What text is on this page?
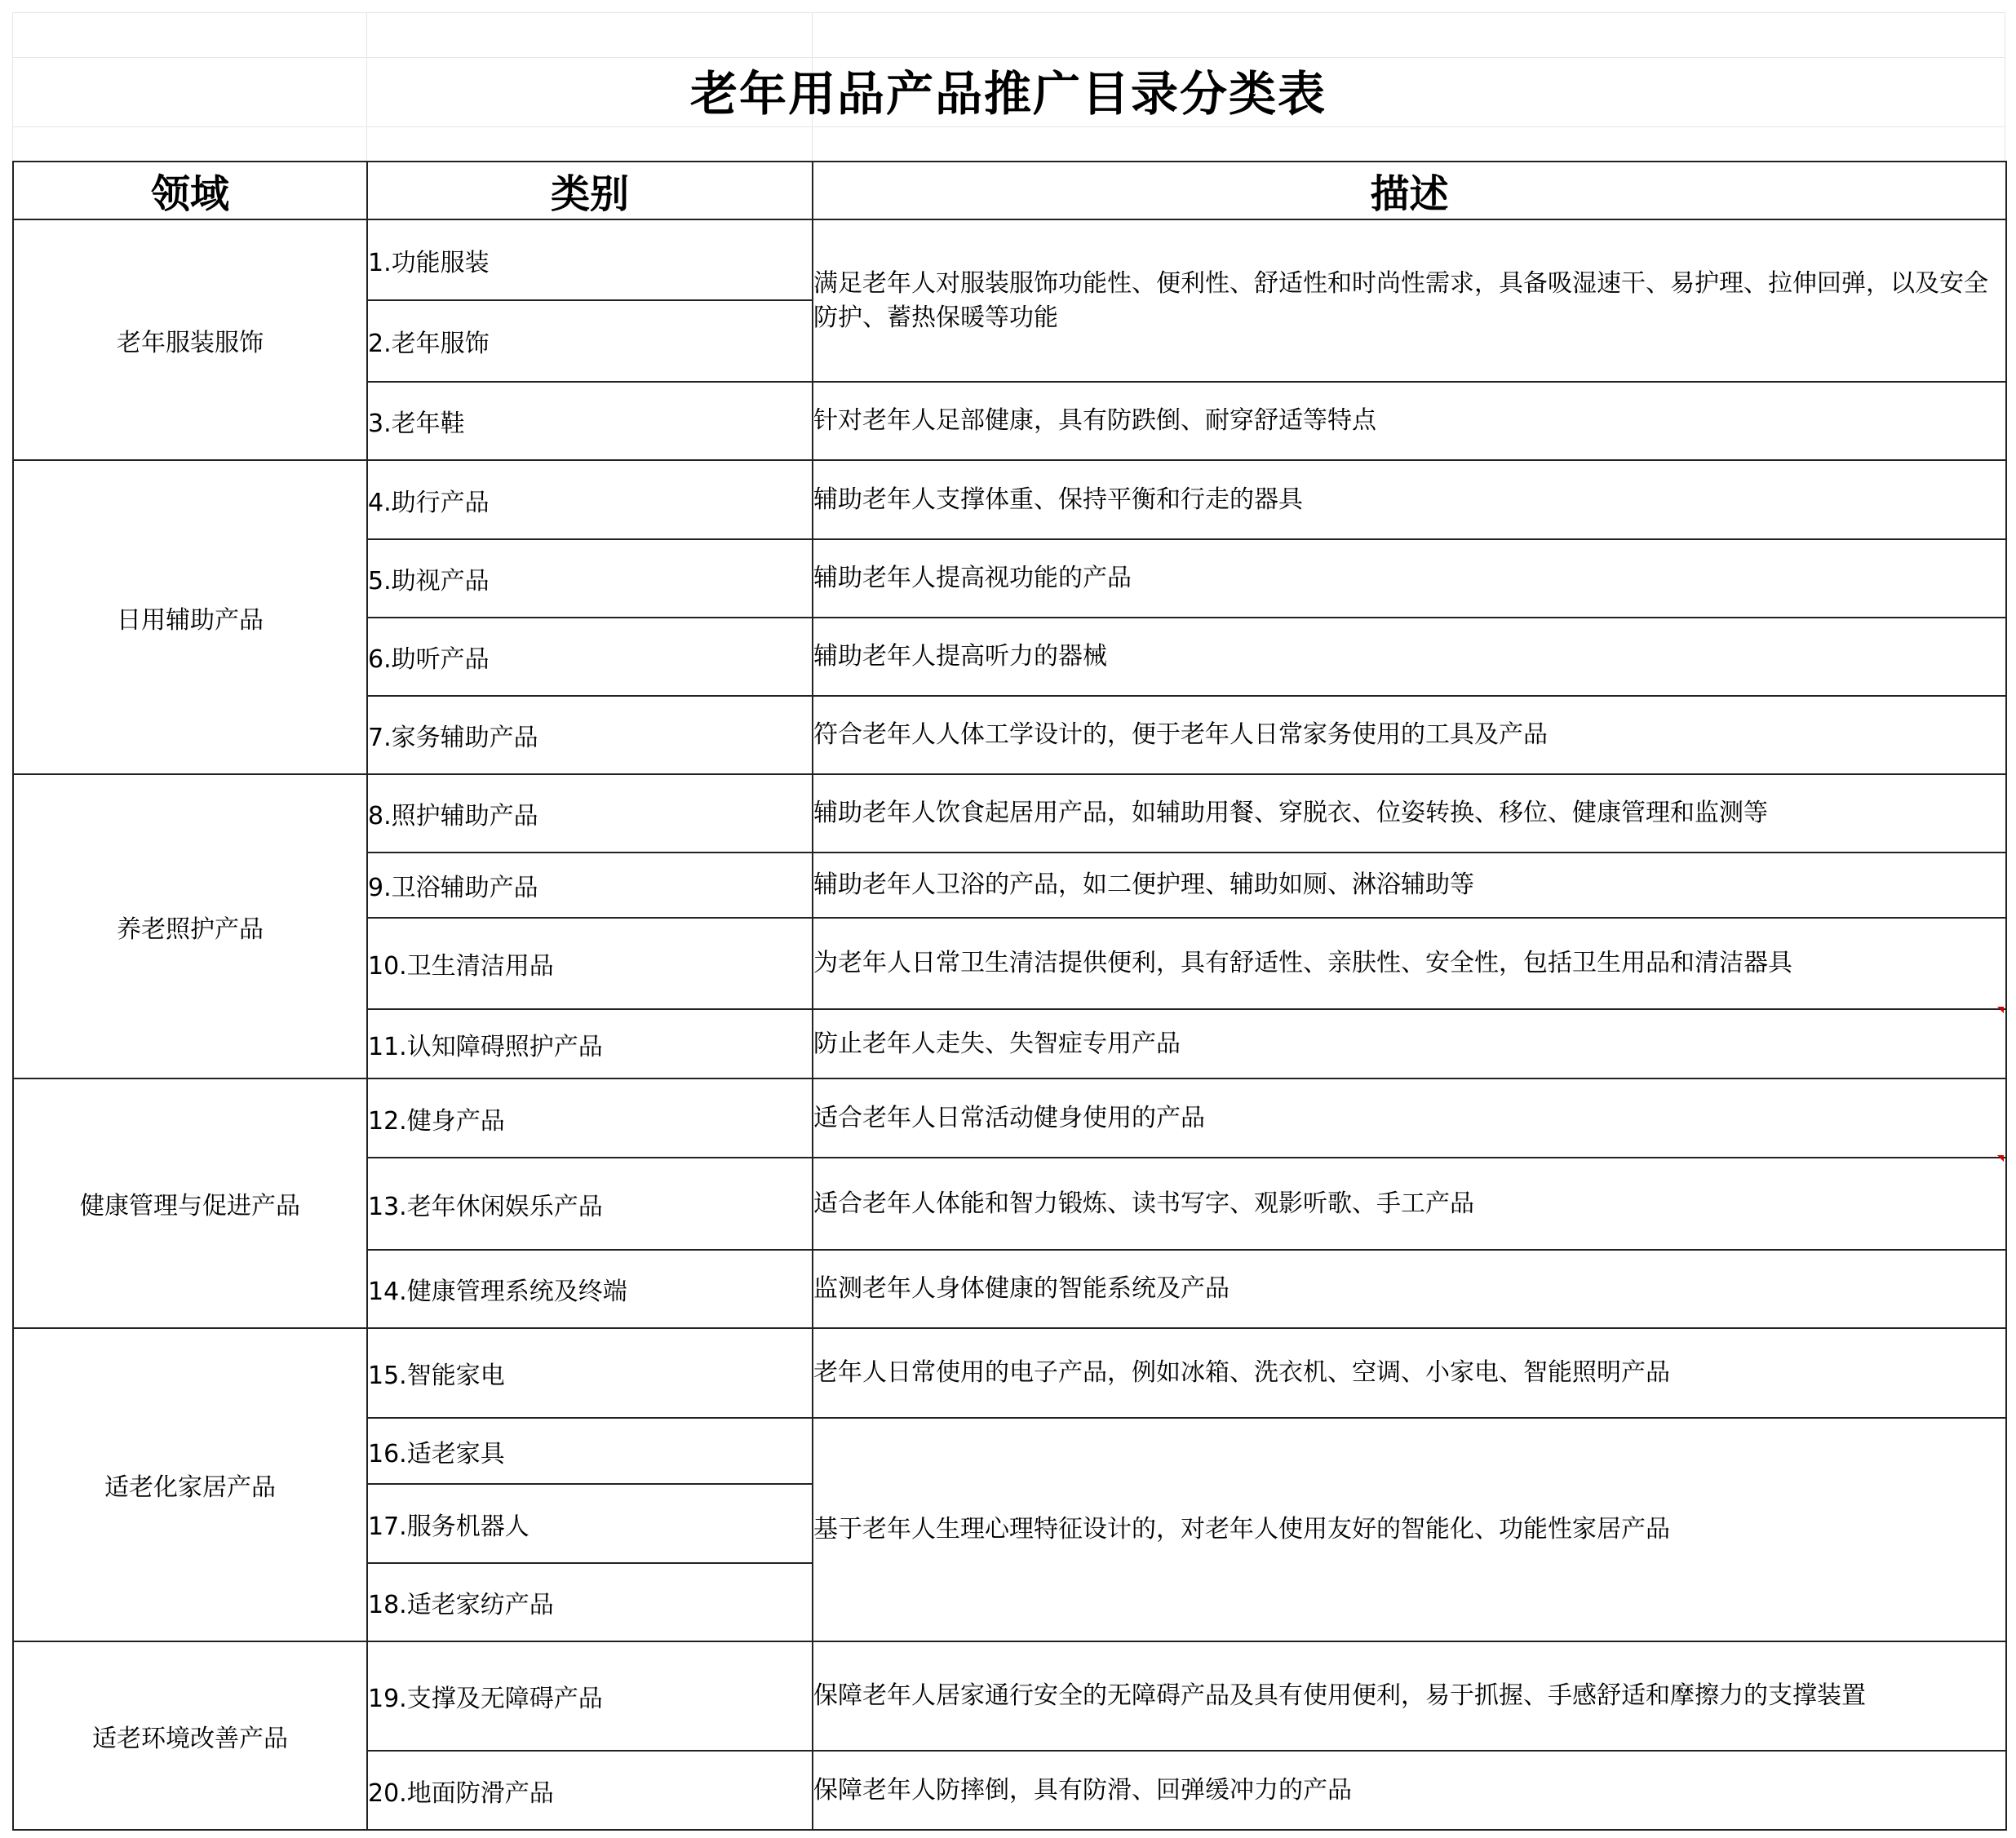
老年用品产品推广目录分类表
领域	类别	描述
老年服装服饰	1.功能服装	满足老年人对服装服饰功能性、便利性、舒适性和时尚性需求，具备吸湿速干、易护理、拉伸回弹，以及安全防护、蓄热保暖等功能
	2.老年服饰	
	3.老年鞋	针对老年人足部健康，具有防跌倒、耐穿舒适等特点
日用辅助产品	4.助行产品	辅助老年人支撑体重、保持平衡和行走的器具
	5.助视产品	辅助老年人提高视功能的产品
	6.助听产品	辅助老年人提高听力的器械
	7.家务辅助产品	符合老年人人体工学设计的，便于老年人日常家务使用的工具及产品
养老照护产品	8.照护辅助产品	辅助老年人饮食起居用产品，如辅助用餐、穿脱衣、位姿转换、移位、健康管理和监测等
	9.卫浴辅助产品	辅助老年人卫浴的产品，如二便护理、辅助如厕、淋浴辅助等
	10.卫生清洁用品	为老年人日常卫生清洁提供便利，具有舒适性、亲肤性、安全性，包括卫生用品和清洁器具
	11.认知障碍照护产品	防止老年人走失、失智症专用产品
健康管理与促进产品	12.健身产品	适合老年人日常活动健身使用的产品
	13.老年休闲娱乐产品	适合老年人体能和智力锻炼、读书写字、观影听歌、手工产品
	14.健康管理系统及终端	监测老年人身体健康的智能系统及产品
适老化家居产品	15.智能家电	老年人日常使用的电子产品，例如冰箱、洗衣机、空调、小家电、智能照明产品
	16.适老家具	基于老年人生理心理特征设计的，对老年人使用友好的智能化、功能性家居产品
	17.服务机器人	
	18.适老家纺产品	
适老环境改善产品	19.支撑及无障碍产品	保障老年人居家通行安全的无障碍产品及具有使用便利，易于抓握、手感舒适和摩擦力的支撑装置
	20.地面防滑产品	保障老年人防摔倒，具有防滑、回弹缓冲力的产品
